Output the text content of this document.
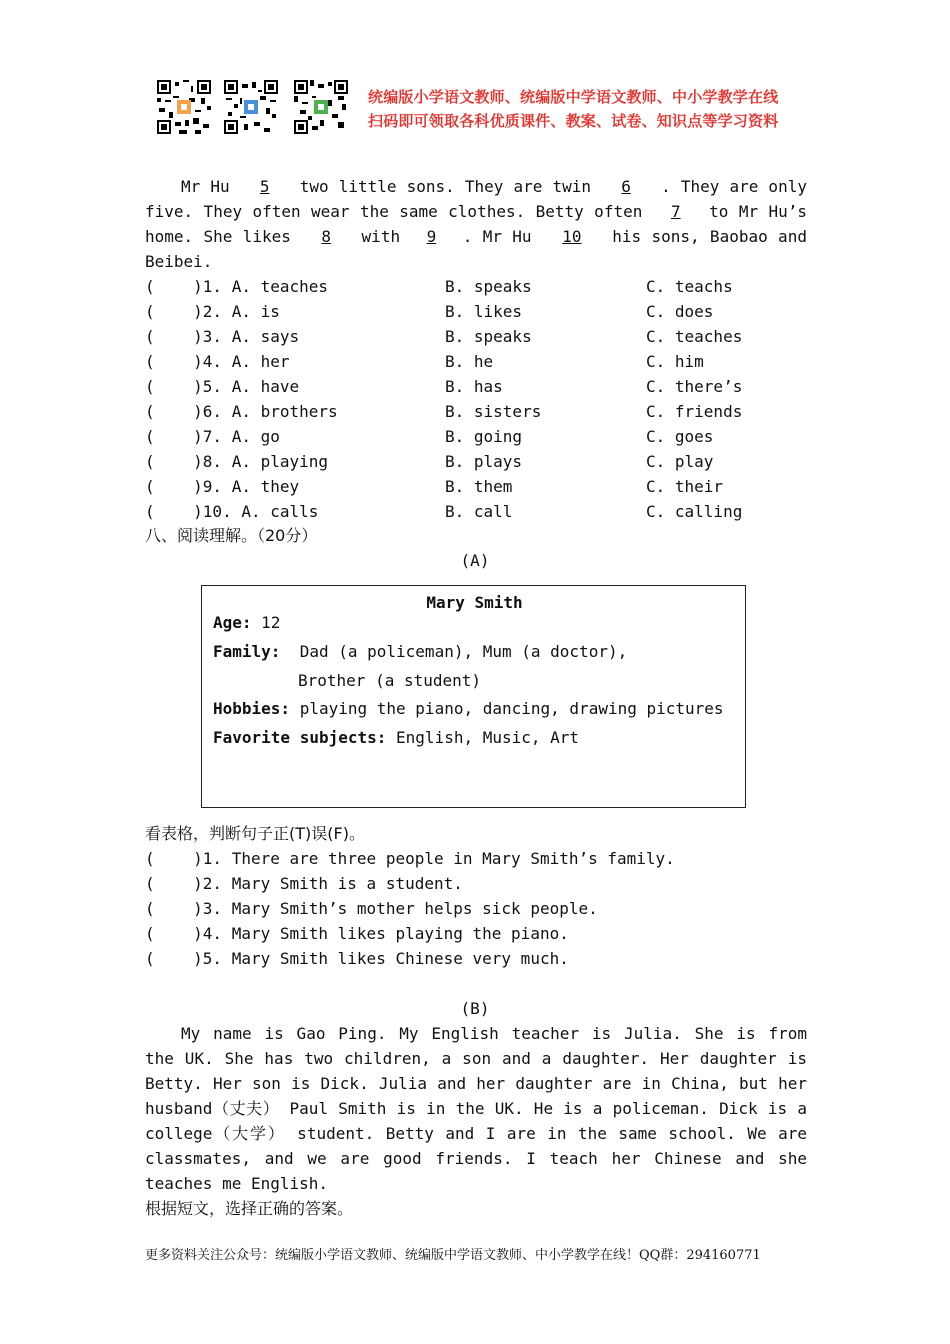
统编版小学语文教师、统编版中学语文教师、中小学教学在线
扫码即可领取各科优质课件、教案、试卷、知识点等学习资料
Mr Hu 5 two little sons. They are twin 6 . They are only five. They often wear the same clothes. Betty often 7 to Mr Hu’s home. She likes 8 with 9 . Mr Hu 10 his sons, Baobao and Beibei.

(    )1. A. teaches

	B. speaks

	C. teachs

(    )2. A. is

	B. likes

	C. does

(    )3. A. says

	B. speaks

	C. teaches

(    )4. A. her

	B. he

	C. him

(    )5. A. have

	B. has

	C. there’s

(    )6. A. brothers

	B. sisters

	C. friends

(    )7. A. go

	B. going

	C. goes

(    )8. A. playing

	B. plays

	C. play

(    )9. A. they

	B. them

	C. their

(    )10. A. calls

	B. call

	C. calling

八、阅读理解。（20分）
(A)
Mary Smith
Age: 12
Family: Dad (a policeman), Mum (a doctor),
Brother (a student)
Hobbies: playing the piano, dancing, drawing pictures
Favorite subjects: English, Music, Art
看表格，判断句子正(T)误(F)。
(    )1. There are three people in Mary Smith’s family.
(    )2. Mary Smith is a student.
(    )3. Mary Smith’s mother helps sick people.
(    )4. Mary Smith likes playing the piano.
(    )5. Mary Smith likes Chinese very much.
(B)
My name is Gao Ping. My English teacher is Julia. She is from the UK. She has two children, a son and a daughter. Her daughter is Betty. Her son is Dick. Julia and her daughter are in China, but her husband（丈夫） Paul Smith is in the UK. He is a policeman. Dick is a college（大学） student. Betty and I are in the same school. We are classmates, and we are good friends. I teach her Chinese and she teaches me English.
根据短文，选择正确的答案。
更多资料关注公众号：统编版小学语文教师、统编版中学语文教师、中小学教学在线！QQ群：294160771
